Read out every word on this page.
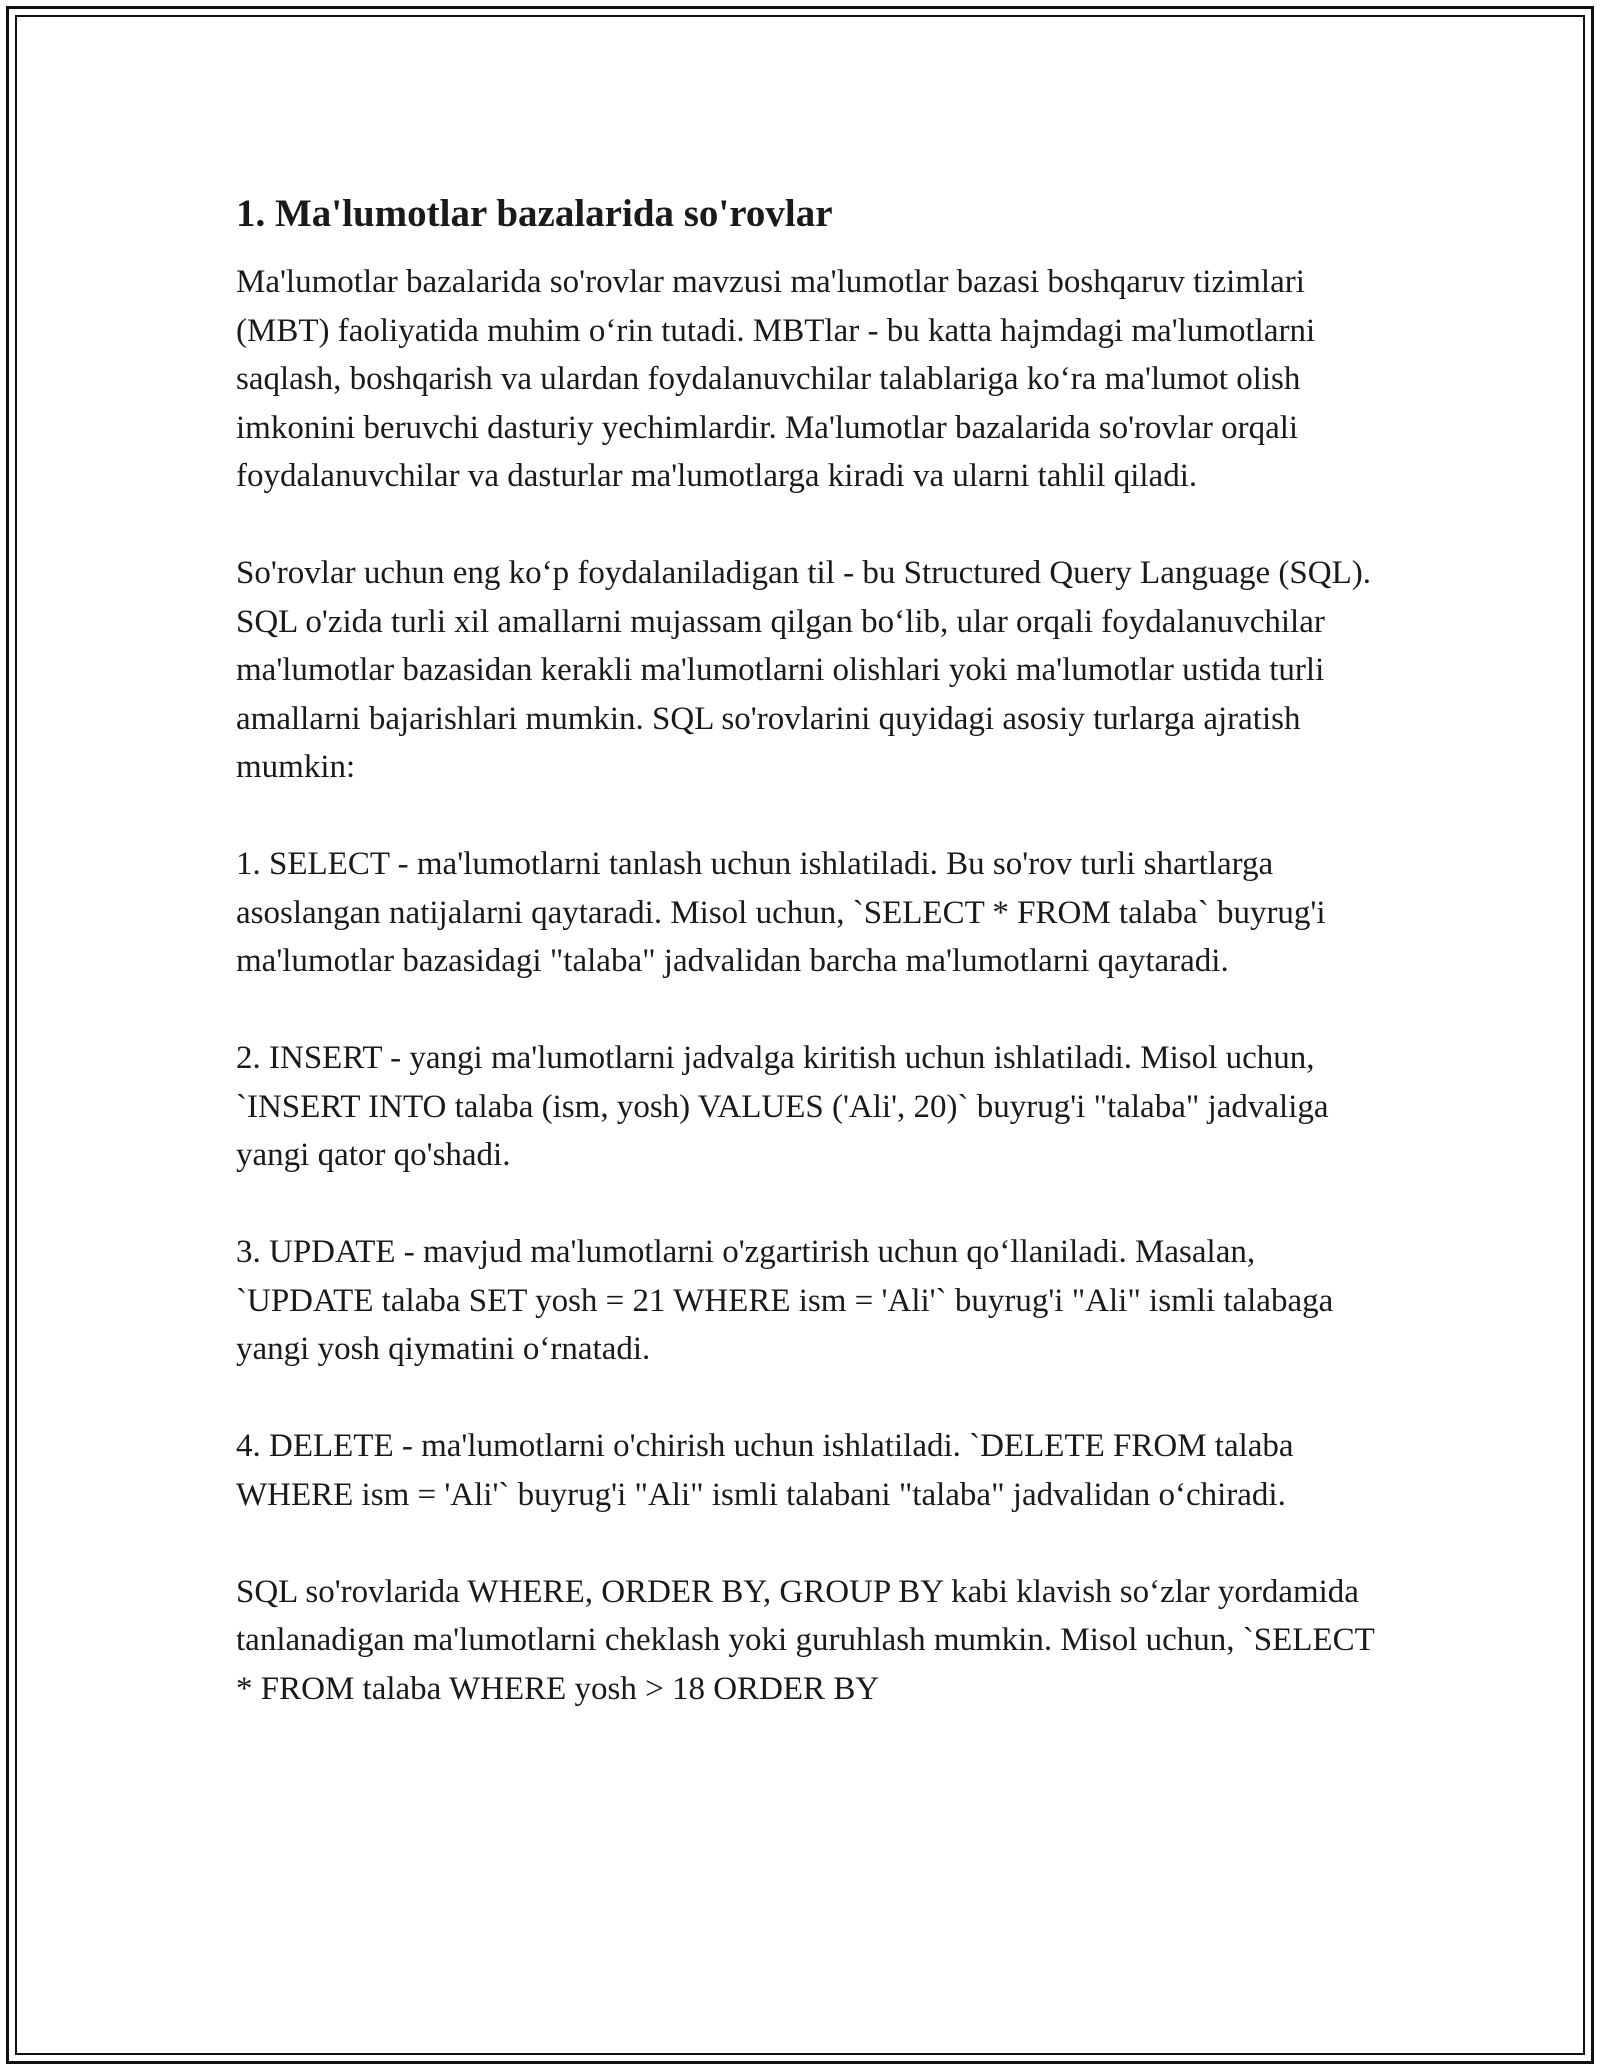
1. Ma'lumotlar bazalarida so'rovlar

Ma'lumotlar bazalarida so'rovlar mavzusi ma'lumotlar bazasi boshqaruv tizimlari (MBT) faoliyatida muhim o‘rin tutadi. MBTlar - bu katta hajmdagi ma'lumotlarni saqlash, boshqarish va ulardan foydalanuvchilar talablariga ko‘ra ma'lumot olish imkonini beruvchi dasturiy yechimlardir. Ma'lumotlar bazalarida so'rovlar orqali foydalanuvchilar va dasturlar ma'lumotlarga kiradi va ularni tahlil qiladi.

So'rovlar uchun eng ko‘p foydalaniladigan til - bu Structured Query Language (SQL). SQL o'zida turli xil amallarni mujassam qilgan bo‘lib, ular orqali foydalanuvchilar ma'lumotlar bazasidan kerakli ma'lumotlarni olishlari yoki ma'lumotlar ustida turli amallarni bajarishlari mumkin. SQL so'rovlarini quyidagi asosiy turlarga ajratish mumkin:

1. SELECT - ma'lumotlarni tanlash uchun ishlatiladi. Bu so'rov turli shartlarga asoslangan natijalarni qaytaradi. Misol uchun, `SELECT * FROM talaba` buyrug'i ma'lumotlar bazasidagi "talaba" jadvalidan barcha ma'lumotlarni qaytaradi.

2. INSERT - yangi ma'lumotlarni jadvalga kiritish uchun ishlatiladi. Misol uchun, `INSERT INTO talaba (ism, yosh) VALUES ('Ali', 20)` buyrug'i "talaba" jadvaliga yangi qator qo'shadi.

3. UPDATE - mavjud ma'lumotlarni o'zgartirish uchun qo‘llaniladi. Masalan, `UPDATE talaba SET yosh = 21 WHERE ism = 'Ali'` buyrug'i "Ali" ismli talabaga yangi yosh qiymatini o‘rnatadi.

4. DELETE - ma'lumotlarni o'chirish uchun ishlatiladi. `DELETE FROM talaba WHERE ism = 'Ali'` buyrug'i "Ali" ismli talabani "talaba" jadvalidan o‘chiradi.

SQL so'rovlarida WHERE, ORDER BY, GROUP BY kabi klavish so‘zlar yordamida tanlanadigan ma'lumotlarni cheklash yoki guruhlash mumkin. Misol uchun, `SELECT * FROM talaba WHERE yosh > 18 ORDER BY
